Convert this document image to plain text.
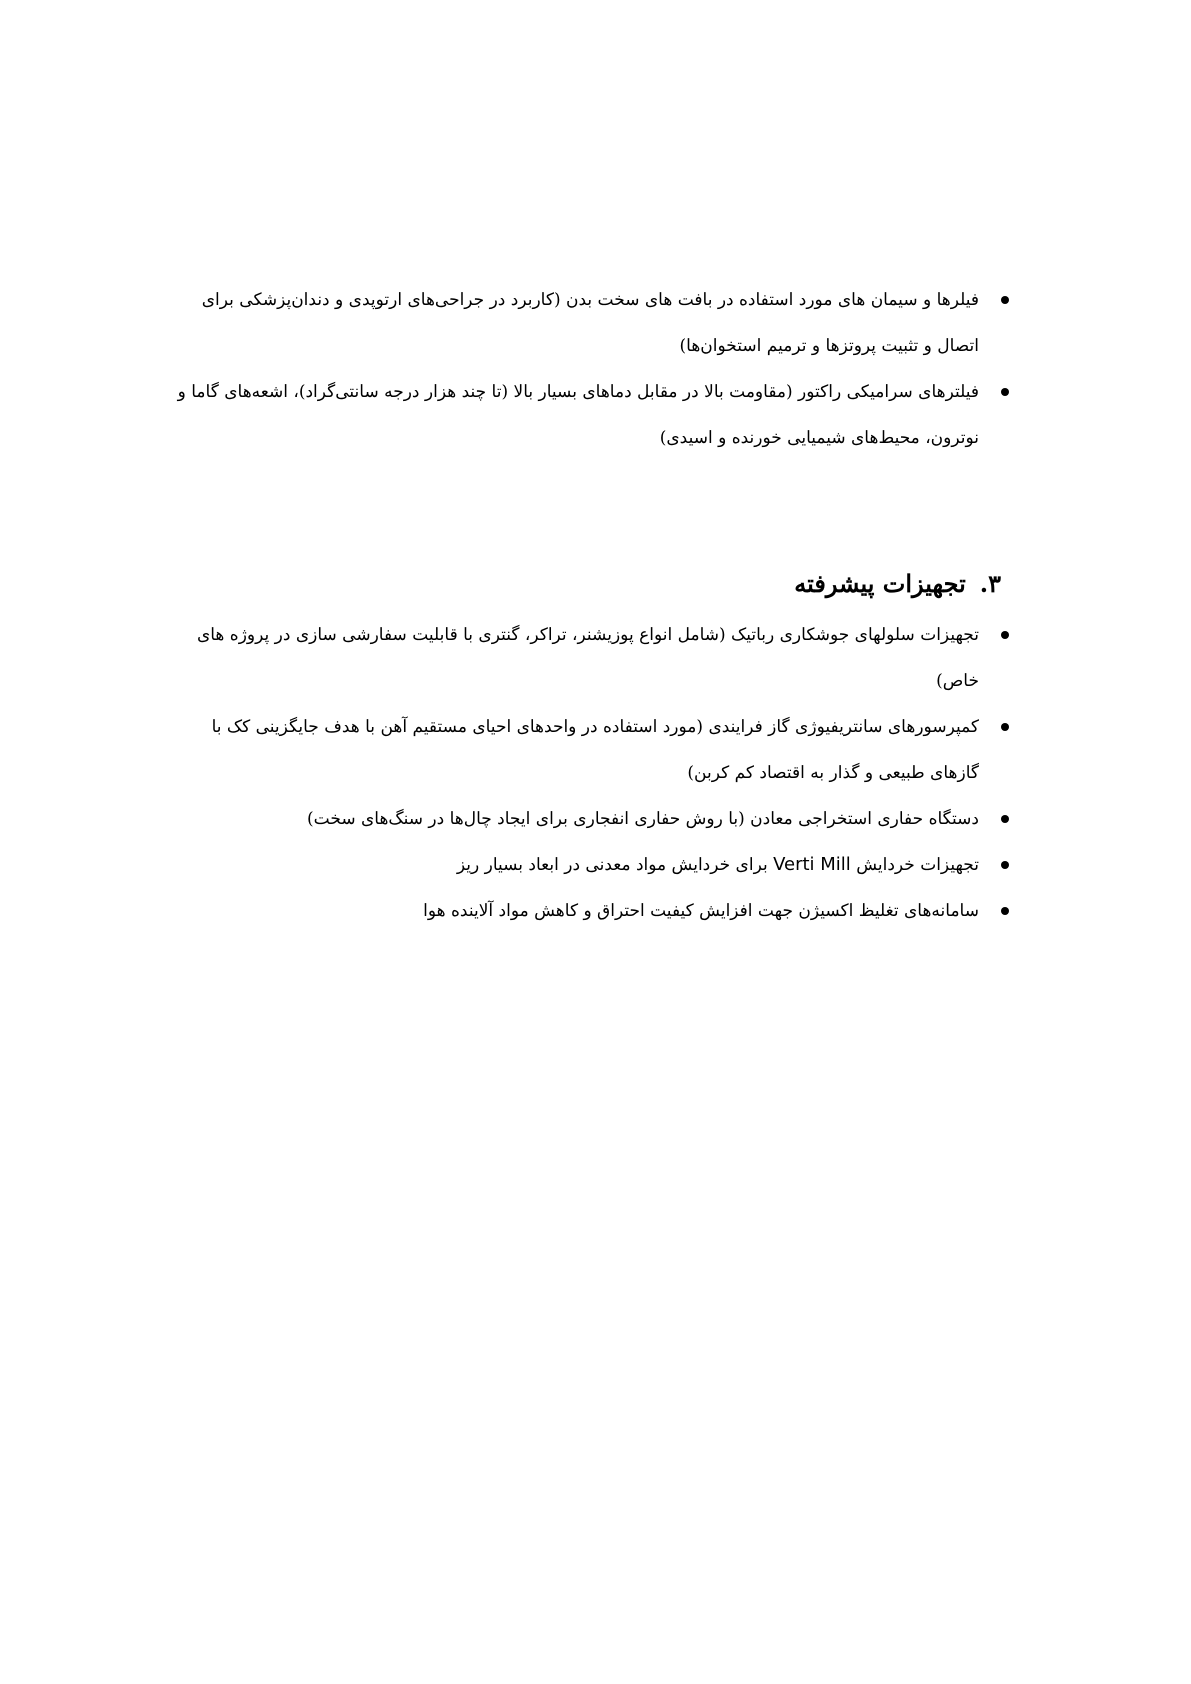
فیلرها و سیمان های مورد استفاده در بافت های سخت بدن (کاربرد در جراحی‌های ارتوپدی و دندان‌پزشکی برای اتصال و تثبیت پروتزها و ترمیم استخوان‌ها)
فیلترهای سرامیکی راکتور (مقاومت بالا در مقابل دماهای بسیار بالا (تا چند هزار درجه سانتی‌گراد)، اشعه‌های گاما و نوترون، محیط‌های شیمیایی خورنده و اسیدی)
۳.تجهیزات پیشرفته
تجهیزات سلولهای جوشکاری رباتیک (شامل انواع پوزیشنر، تراکر، گنتری با قابلیت سفارشی سازی در پروژه های خاص)
کمپرسورهای سانتریفیوژی گاز فرایندی (مورد استفاده در واحدهای احیای مستقیم آهن با هدف جایگزینی کک با گازهای طبیعی و گذار به اقتصاد کم کربن)
دستگاه حفاری استخراجی معادن (با روش حفاری انفجاری برای ایجاد چال‌ها در سنگ‌های سخت)
تجهیزات خردایش Verti Mill برای خردایش مواد معدنی در ابعاد بسیار ریز
سامانه‌های تغلیظ اکسیژن جهت افزایش کیفیت احتراق و کاهش مواد آلاینده هوا
